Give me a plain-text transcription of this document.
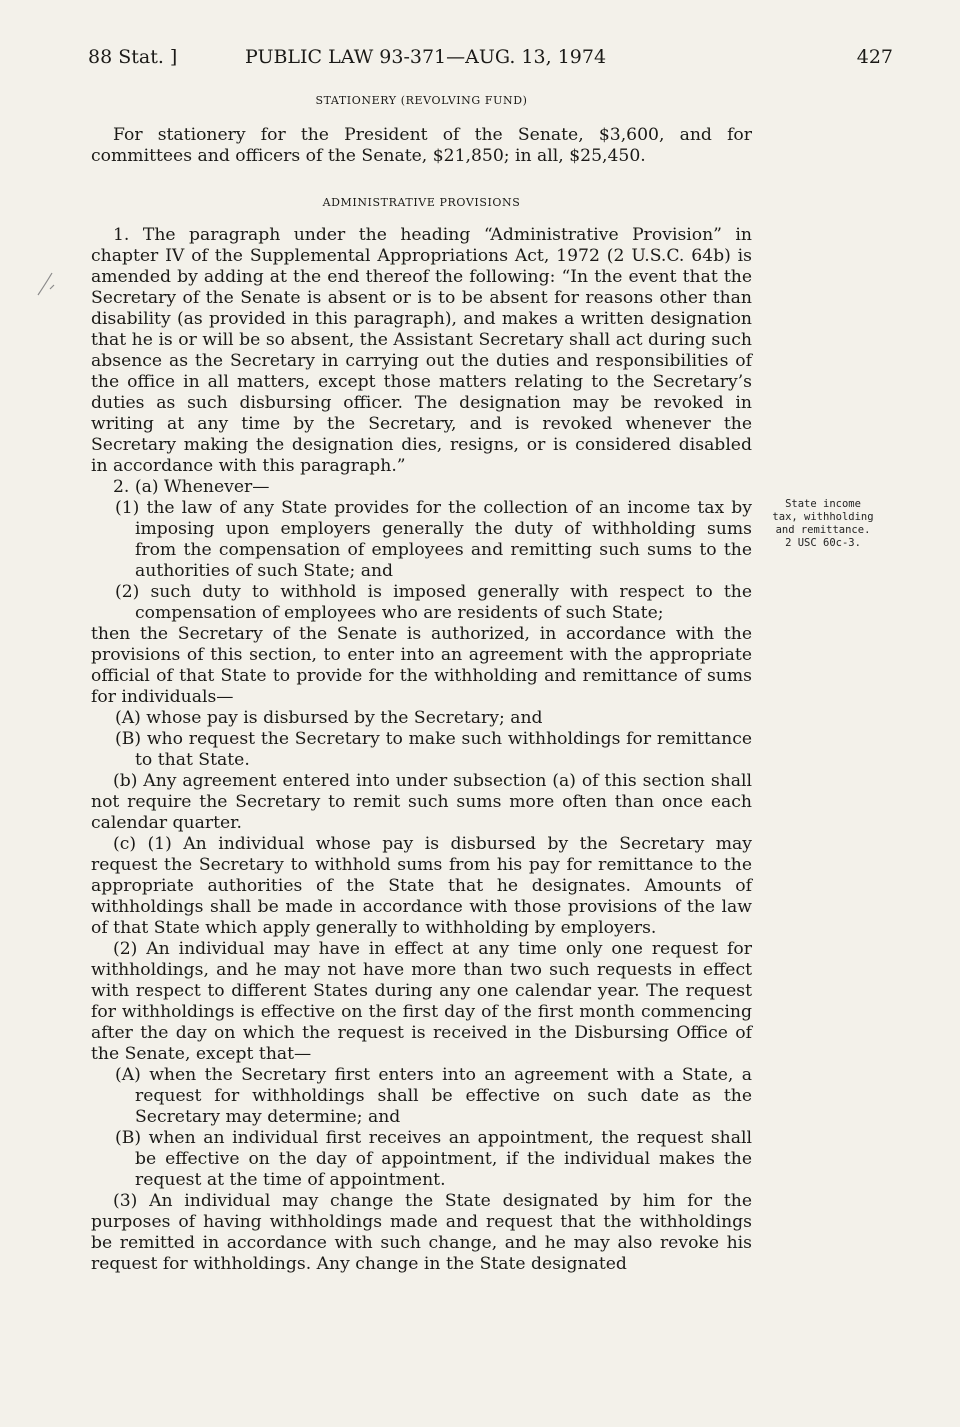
88 Stat. ]	PUBLIC LAW 93-371—AUG. 13, 1974	427
STATIONERY (REVOLVING FUND)

For stationery for the President of the Senate, $3,600, and for committees and officers of the Senate, $21,850; in all, $25,450.

ADMINISTRATIVE PROVISIONS

1. The paragraph under the heading “Administrative Provision” in chapter IV of the Supplemental Appropriations Act, 1972 (2 U.S.C. 64b) is amended by adding at the end thereof the following: “In the event that the Secretary of the Senate is absent or is to be absent for reasons other than disability (as provided in this paragraph), and makes a written designation that he is or will be so absent, the Assistant Secretary shall act during such absence as the Secretary in carrying out the duties and responsibilities of the office in all matters, except those matters relating to the Secretary’s duties as such disbursing officer. The designation may be revoked in writing at any time by the Secretary, and is revoked whenever the Secretary making the designation dies, resigns, or is considered disabled in accordance with this paragraph.”

2. (a) Whenever—

(1) the law of any State provides for the collection of an income tax by imposing upon employers generally the duty of withholding sums from the compensation of employees and remitting such sums to the authorities of such State; and

(2) such duty to withhold is imposed generally with respect to the compensation of employees who are residents of such State;

then the Secretary of the Senate is authorized, in accordance with the provisions of this section, to enter into an agreement with the appropriate official of that State to provide for the withholding and remittance of sums for individuals—

(A) whose pay is disbursed by the Secretary; and

(B) who request the Secretary to make such withholdings for remittance to that State.

(b) Any agreement entered into under subsection (a) of this section shall not require the Secretary to remit such sums more often than once each calendar quarter.

(c) (1) An individual whose pay is disbursed by the Secretary may request the Secretary to withhold sums from his pay for remittance to the appropriate authorities of the State that he designates. Amounts of withholdings shall be made in accordance with those provisions of the law of that State which apply generally to withholding by employers.

(2) An individual may have in effect at any time only one request for withholdings, and he may not have more than two such requests in effect with respect to different States during any one calendar year. The request for withholdings is effective on the first day of the first month commencing after the day on which the request is received in the Disbursing Office of the Senate, except that—

(A) when the Secretary first enters into an agreement with a State, a request for withholdings shall be effective on such date as the Secretary may determine; and

(B) when an individual first receives an appointment, the request shall be effective on the day of appointment, if the individual makes the request at the time of appointment.

(3) An individual may change the State designated by him for the purposes of having withholdings made and request that the withholdings be remitted in accordance with such change, and he may also revoke his request for withholdings. Any change in the State designated

State income
tax, withholding
and remittance.
2 USC 60c-3.
